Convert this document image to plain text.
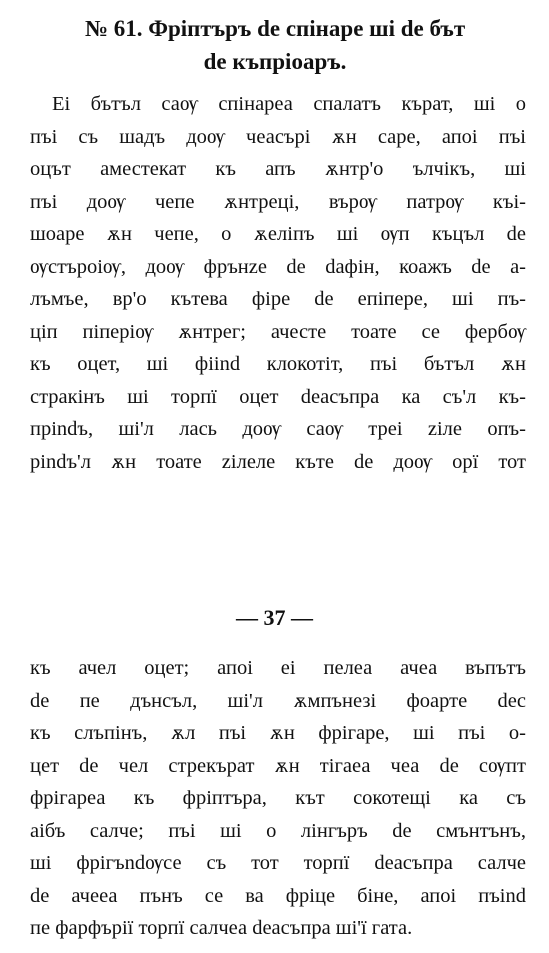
№ 61. Фріптъръ de спінаре ші de бът
de къпріоаръ.
Еі бътъл саѹ спінареа спалатъ кърат, ші о
пъі съ шадъ доѹ чеасърі ѫн саре, апоі пъі
оцът аместекат къ апъ ѫнтр'о ълчікъ, ші
пъі доѹ чепе ѫнтреці, върѹ патрѹ къі-
шоаре ѫн чепе, о ѫеліпъ ші ѹп къцъл de
ѹстъроіѹ, доѹ фрънzе de dафін, коажъ de а-
лъмъе, вр'о кътева фіре de епіпере, ші пъ-
ціп піперіѹ ѫнтрег; ачесте тоате се фербѹ
къ оцет, ші фііnd клокотіт, пъі бътъл ѫн
стракінъ ші торпї оцет deасъпра ка съ'л къ-
пріndъ, ші'л лась доѹ саѹ треі zіле опъ-
pіndъ'л ѫн тоате zілеле кътe de доѹ орї тот
— 37 —
къ ачел оцет; апоі еі пелеа ачеа въпътъ
de пе дънсъл, ші'л ѫмпънезі фоарте dec
къ слъпінъ, ѫл пъі ѫн фрігаре, ші пъі о-
цет de чел стрекърат ѫн тігаеа чеа de сѹпт
фрігареа къ фріптъра, кът сокотещі ка съ
аібъ салче; пъі ші о лінгъръ de смънтънъ,
ші фрігъndѹсе съ тот торпї deасъпра салче
de ачееа пънъ се ва фріце біне, апоі пъind
пе фарфърії торпї салчеа deасъпра ші'ї гата.
